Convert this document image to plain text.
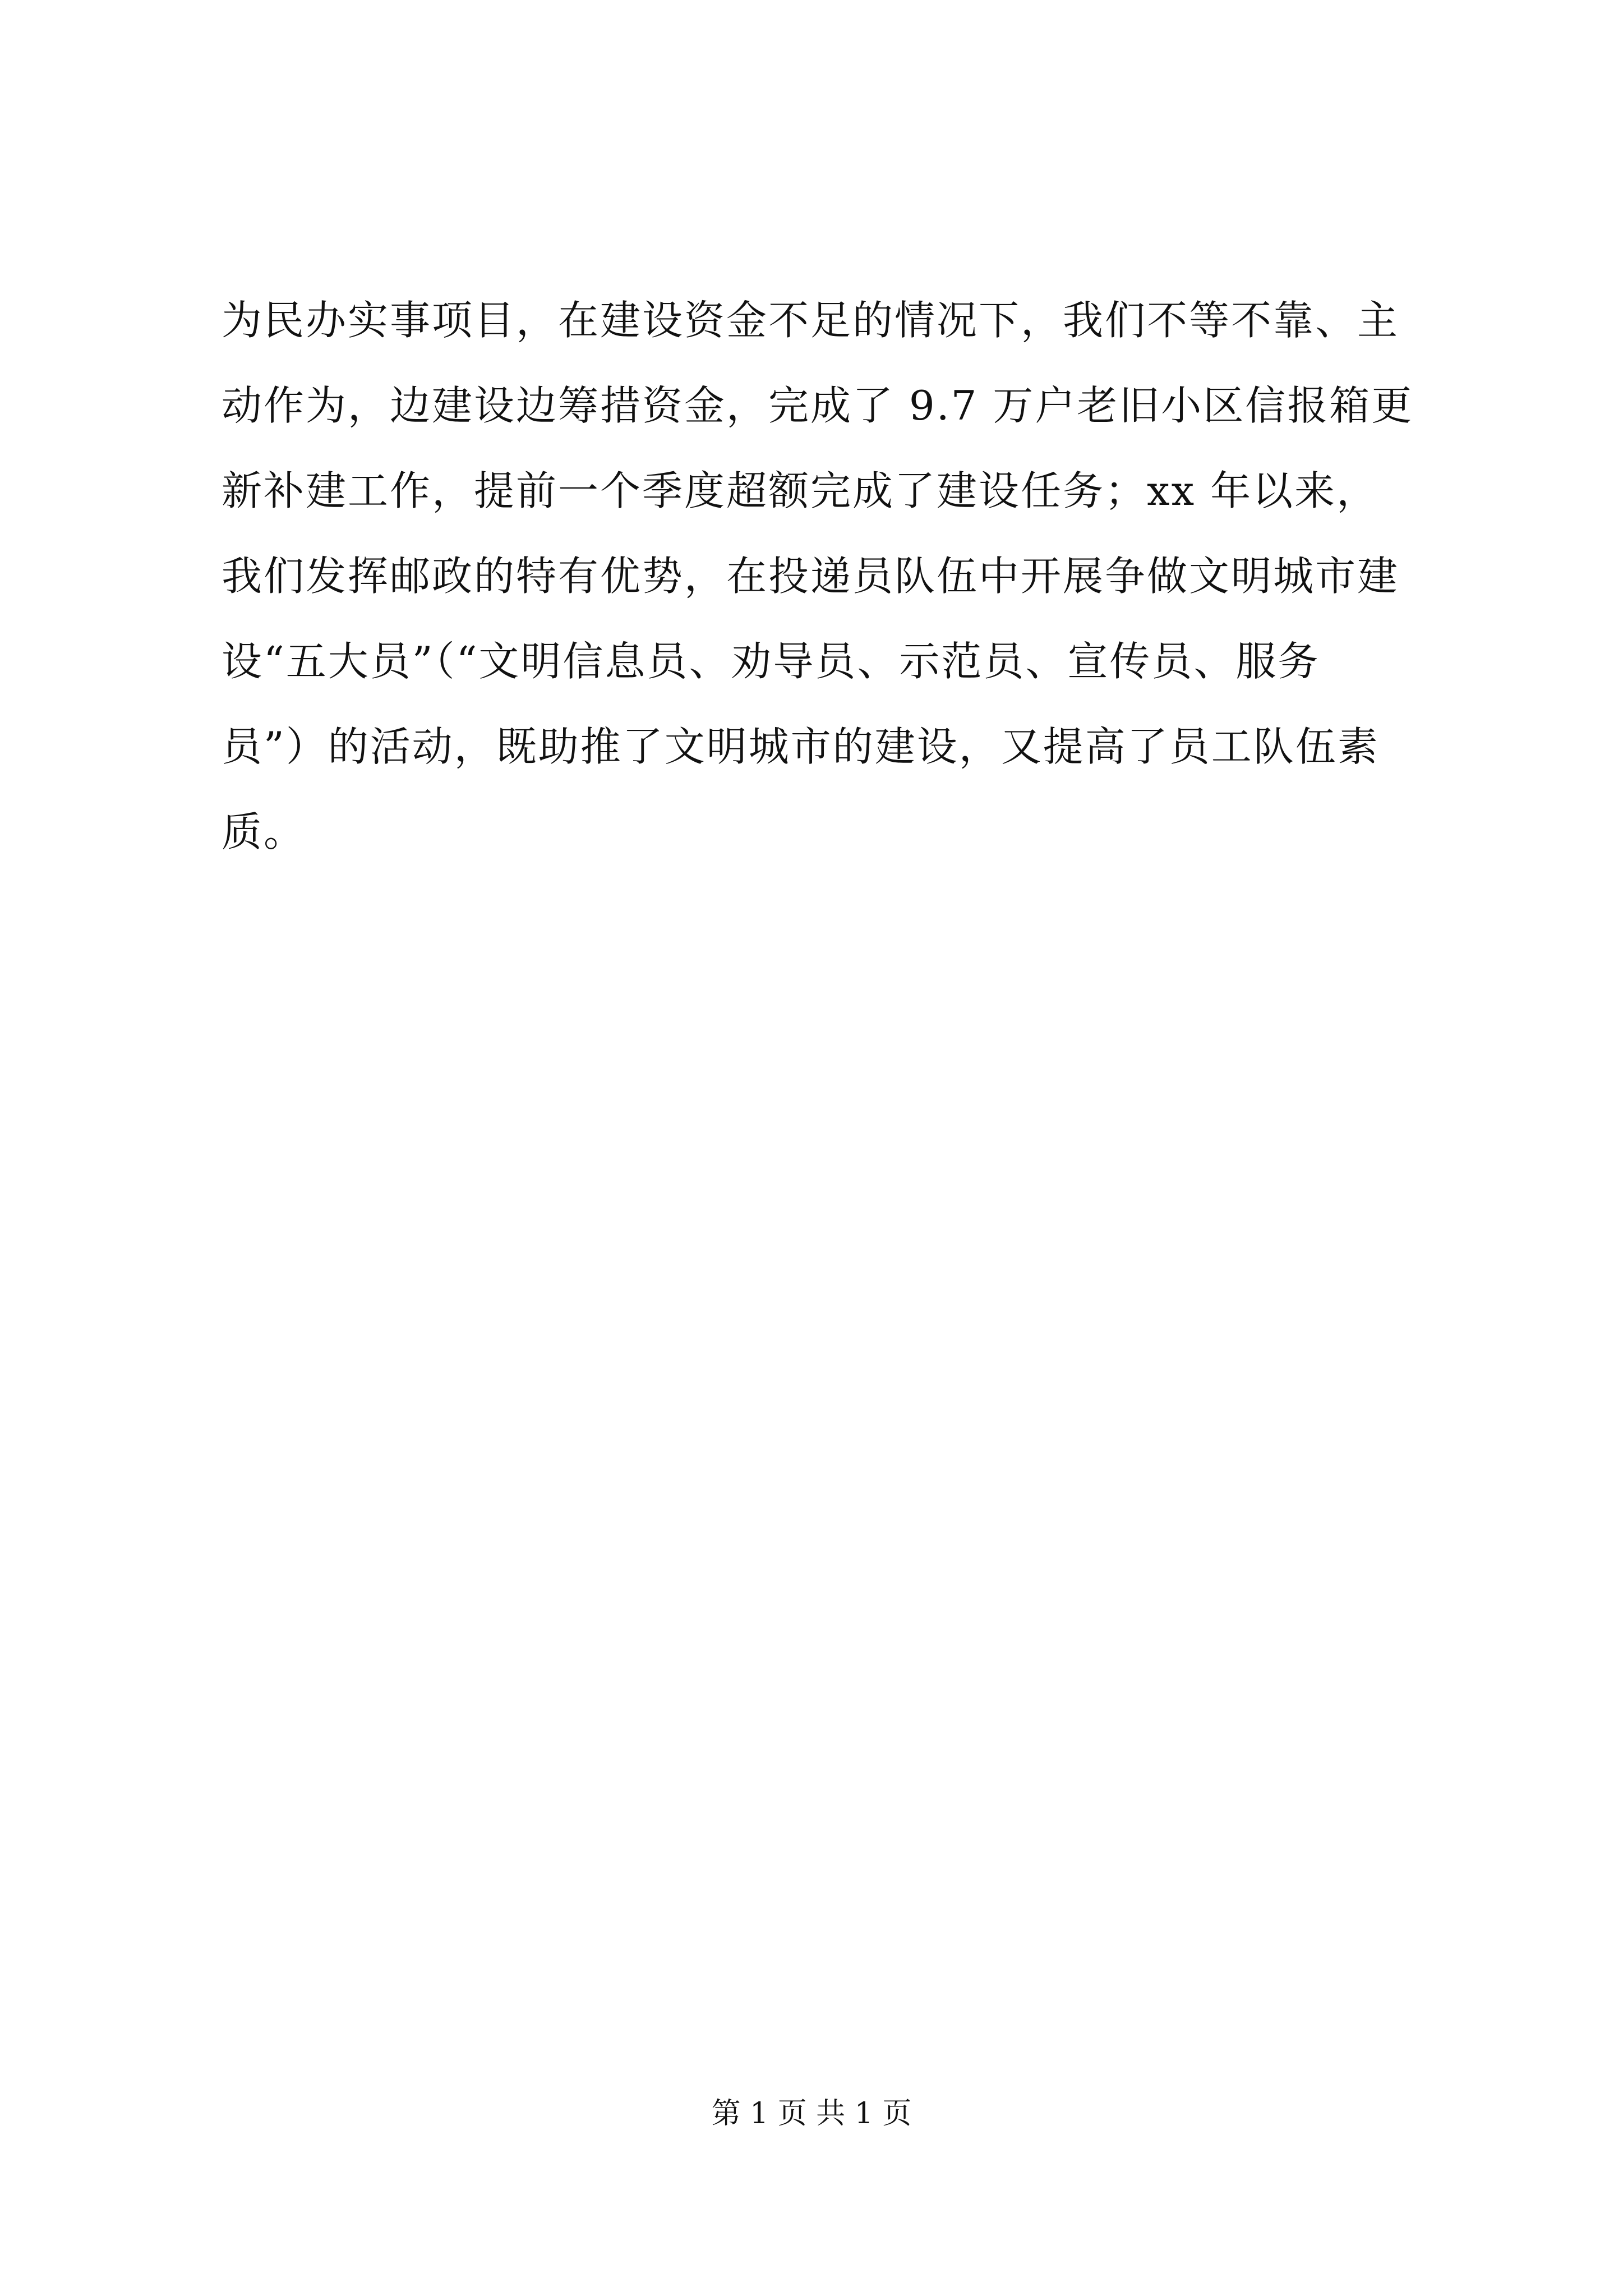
为民办实事项目，在建设资金不足的情况下，我们不等不靠、主
动作为，边建设边筹措资金，完成了 9.7 万户老旧小区信报箱更
新补建工作，提前一个季度超额完成了建设任务；xx 年以来，
我们发挥邮政的特有优势，在投递员队伍中开展争做文明城市建
设“五大员”（“文明信息员、劝导员、示范员、宣传员、服务
员”）的活动，既助推了文明城市的建设，又提高了员工队伍素
质。
第 1 页 共 1 页
